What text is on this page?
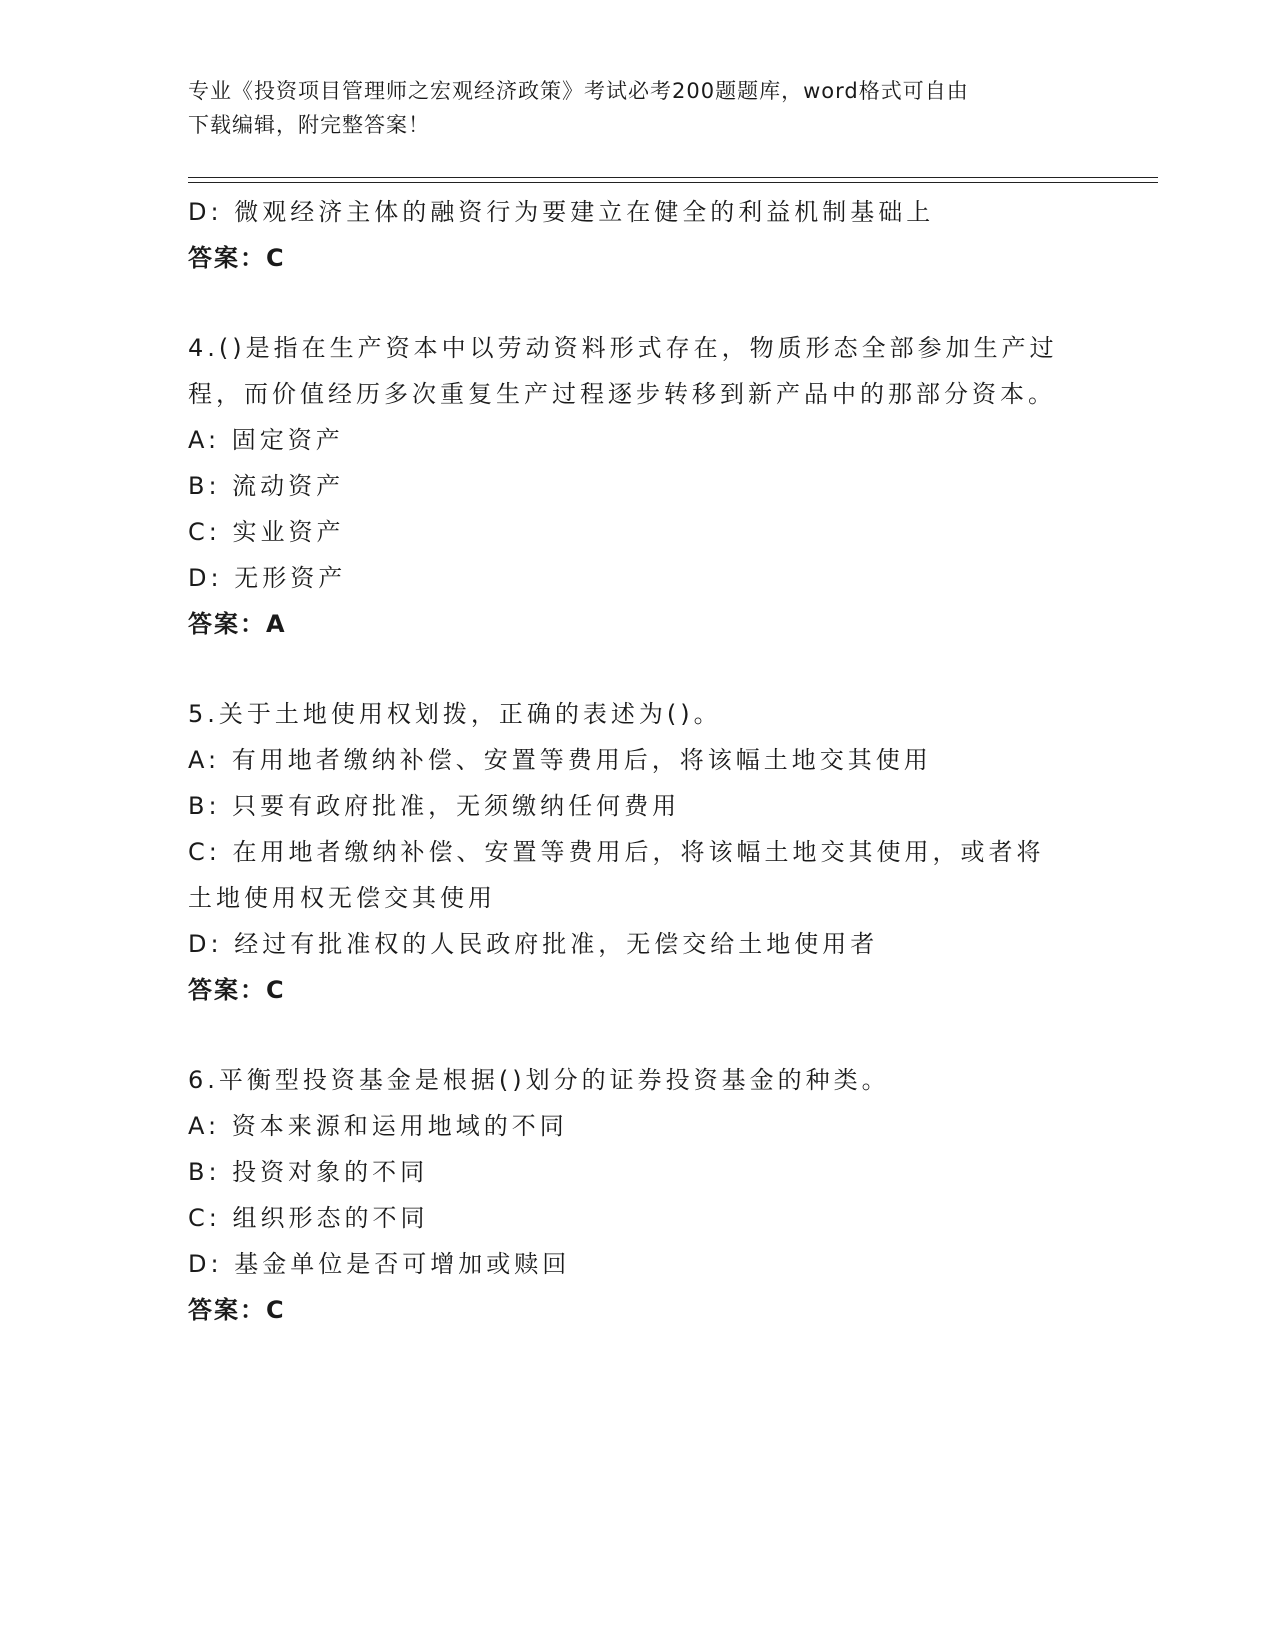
专业《投资项目管理师之宏观经济政策》考试必考200题题库，word格式可自由
下载编辑，附完整答案！

D: 微观经济主体的融资行为要建立在健全的利益机制基础上

答案：C

4.()是指在生产资本中以劳动资料形式存在，物质形态全部参加生产过程，而价值经历多次重复生产过程逐步转移到新产品中的那部分资本。

A: 固定资产

B: 流动资产

C: 实业资产

D: 无形资产

答案：A

5.关于土地使用权划拨，正确的表述为()。

A: 有用地者缴纳补偿、安置等费用后，将该幅土地交其使用

B: 只要有政府批准，无须缴纳任何费用

C: 在用地者缴纳补偿、安置等费用后，将该幅土地交其使用，或者将土地使用权无偿交其使用

D: 经过有批准权的人民政府批准，无偿交给土地使用者

答案：C

6.平衡型投资基金是根据()划分的证券投资基金的种类。

A: 资本来源和运用地域的不同

B: 投资对象的不同

C: 组织形态的不同

D: 基金单位是否可增加或赎回

答案：C
